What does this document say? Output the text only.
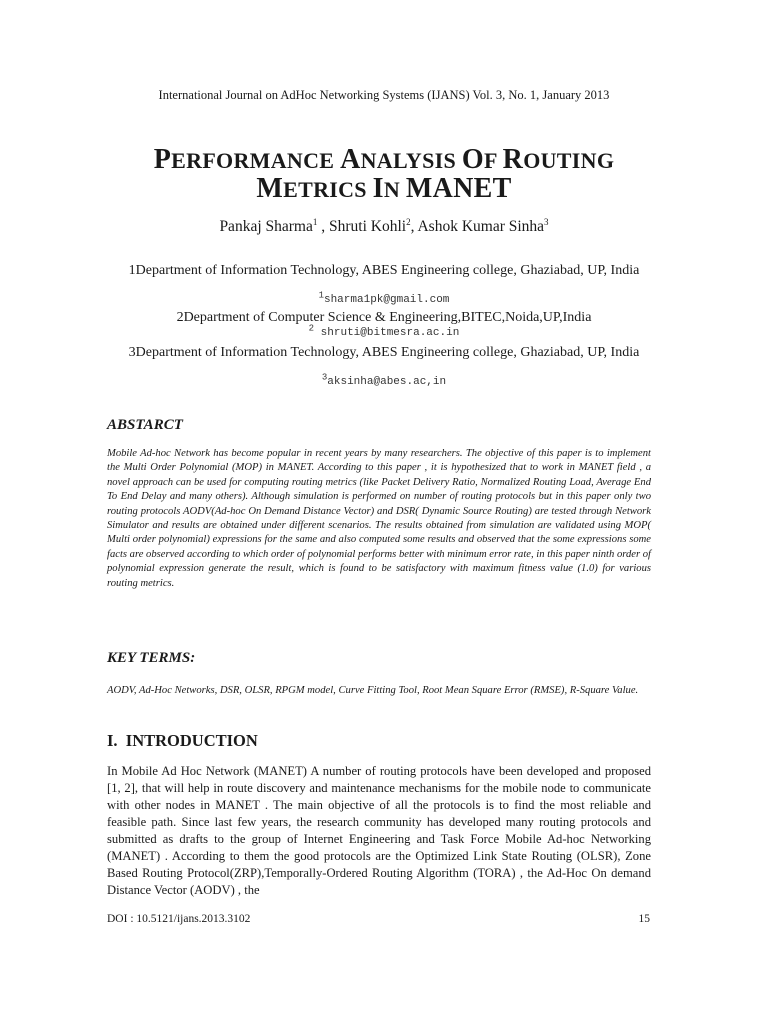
International Journal on AdHoc Networking Systems (IJANS) Vol. 3, No. 1, January 2013
PERFORMANCE ANALYSIS OF ROUTING
METRICS IN MANET
Pankaj Sharma$^1$ , Shruti Kohli$^2$, Ashok Kumar Sinha$^3$
1Department of Information Technology, ABES Engineering college, Ghaziabad, UP, India
$^1$sharma1pk@gmail.com
2Department of Computer Science & Engineering,BITEC,Noida,UP,India
$^2$ shruti@bitmesra.ac.in
3Department of Information Technology, ABES Engineering college, Ghaziabad, UP, India
$^3$aksinha@abes.ac,in
ABSTARCT
Mobile Ad-hoc Network has become popular in recent years by many researchers. The objective of this paper is to implement the Multi Order Polynomial (MOP) in MANET. According to this paper , it is hypothesized that to work in MANET field , a novel approach can be used for computing routing metrics (like Packet Delivery Ratio, Normalized Routing Load, Average End To End Delay and many others). Although simulation is performed on number of routing protocols but in this paper only two routing protocols AODV(Ad-hoc On Demand Distance Vector) and DSR( Dynamic Source Routing) are tested through Network Simulator and results are obtained under different scenarios. The results obtained from simulation are validated using MOP( Multi order polynomial) expressions for the same and also computed some results and observed that the some expressions some facts are observed according to which order of polynomial performs better with minimum error rate, in this paper ninth order of polynomial expression generate the result, which is found to be satisfactory with maximum fitness value (1.0) for various routing metrics.
KEY TERMS:
AODV, Ad-Hoc Networks, DSR, OLSR, RPGM model, Curve Fitting Tool, Root Mean Square Error (RMSE), R-Square Value.
I.  INTRODUCTION
In Mobile Ad Hoc Network (MANET) A number of routing protocols have been developed and proposed [1, 2], that will help in route discovery and maintenance mechanisms for the mobile node to communicate with other nodes in MANET . The main objective of all the protocols is to find the most reliable and feasible path. Since last few years, the research community has developed many routing protocols and submitted as drafts to the group of Internet Engineering and Task Force Mobile Ad-hoc Networking (MANET) . According to them the good protocols are the Optimized Link State Routing (OLSR), Zone Based Routing Protocol(ZRP),Temporally-Ordered Routing Algorithm (TORA) , the Ad-Hoc On demand Distance Vector (AODV) , the
DOI : 10.5121/ijans.2013.3102	15
